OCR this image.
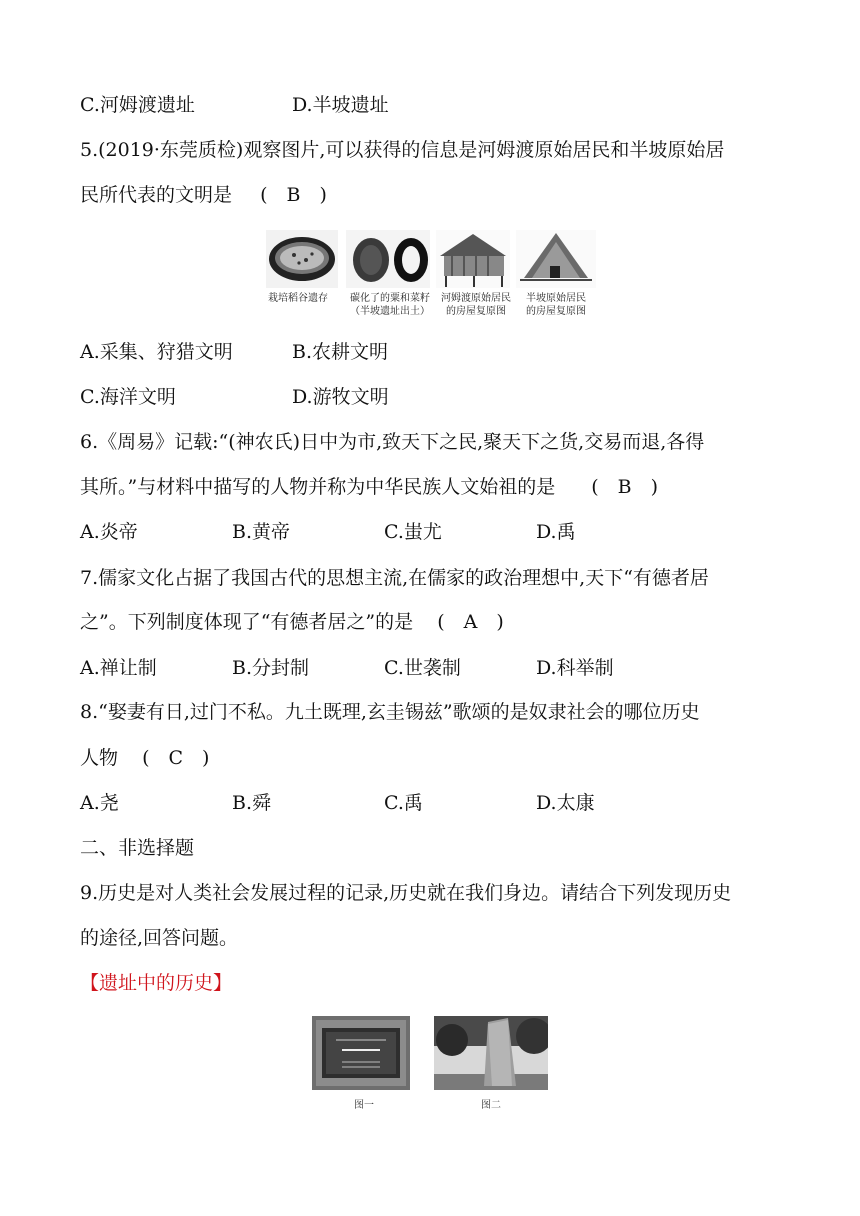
C.河姆渡遗址	D.半坡遗址
5.(2019·东莞质检)观察图片,可以获得的信息是河姆渡原始居民和半坡原始居
民所代表的文明是 (　B　)
栽培稻谷遗存	碳化了的粟和菜籽
（半坡遗址出土）
河姆渡原始居民
的房屋复原图
半坡原始居民
的房屋复原图
A.采集、狩猎文明	B.农耕文明
C.海洋文明	D.游牧文明
6.《周易》记载:“(神农氏)日中为市,致天下之民,聚天下之货,交易而退,各得
其所。”与材料中描写的人物并称为中华民族人文始祖的是 (　B　)
A.炎帝	B.黄帝	C.蚩尤	D.禹
7.儒家文化占据了我国古代的思想主流,在儒家的政治理想中,天下“有德者居
之”。下列制度体现了“有德者居之”的是 (　A　)
A.禅让制	B.分封制	C.世袭制	D.科举制
8.“娶妻有日,过门不私。九土既理,玄圭锡兹”歌颂的是奴隶社会的哪位历史
人物 (　C　)
A.尧	B.舜	C.禹	D.太康
二、非选择题
9.历史是对人类社会发展过程的记录,历史就在我们身边。请结合下列发现历史
的途径,回答问题。
【遗址中的历史】
图一	图二
